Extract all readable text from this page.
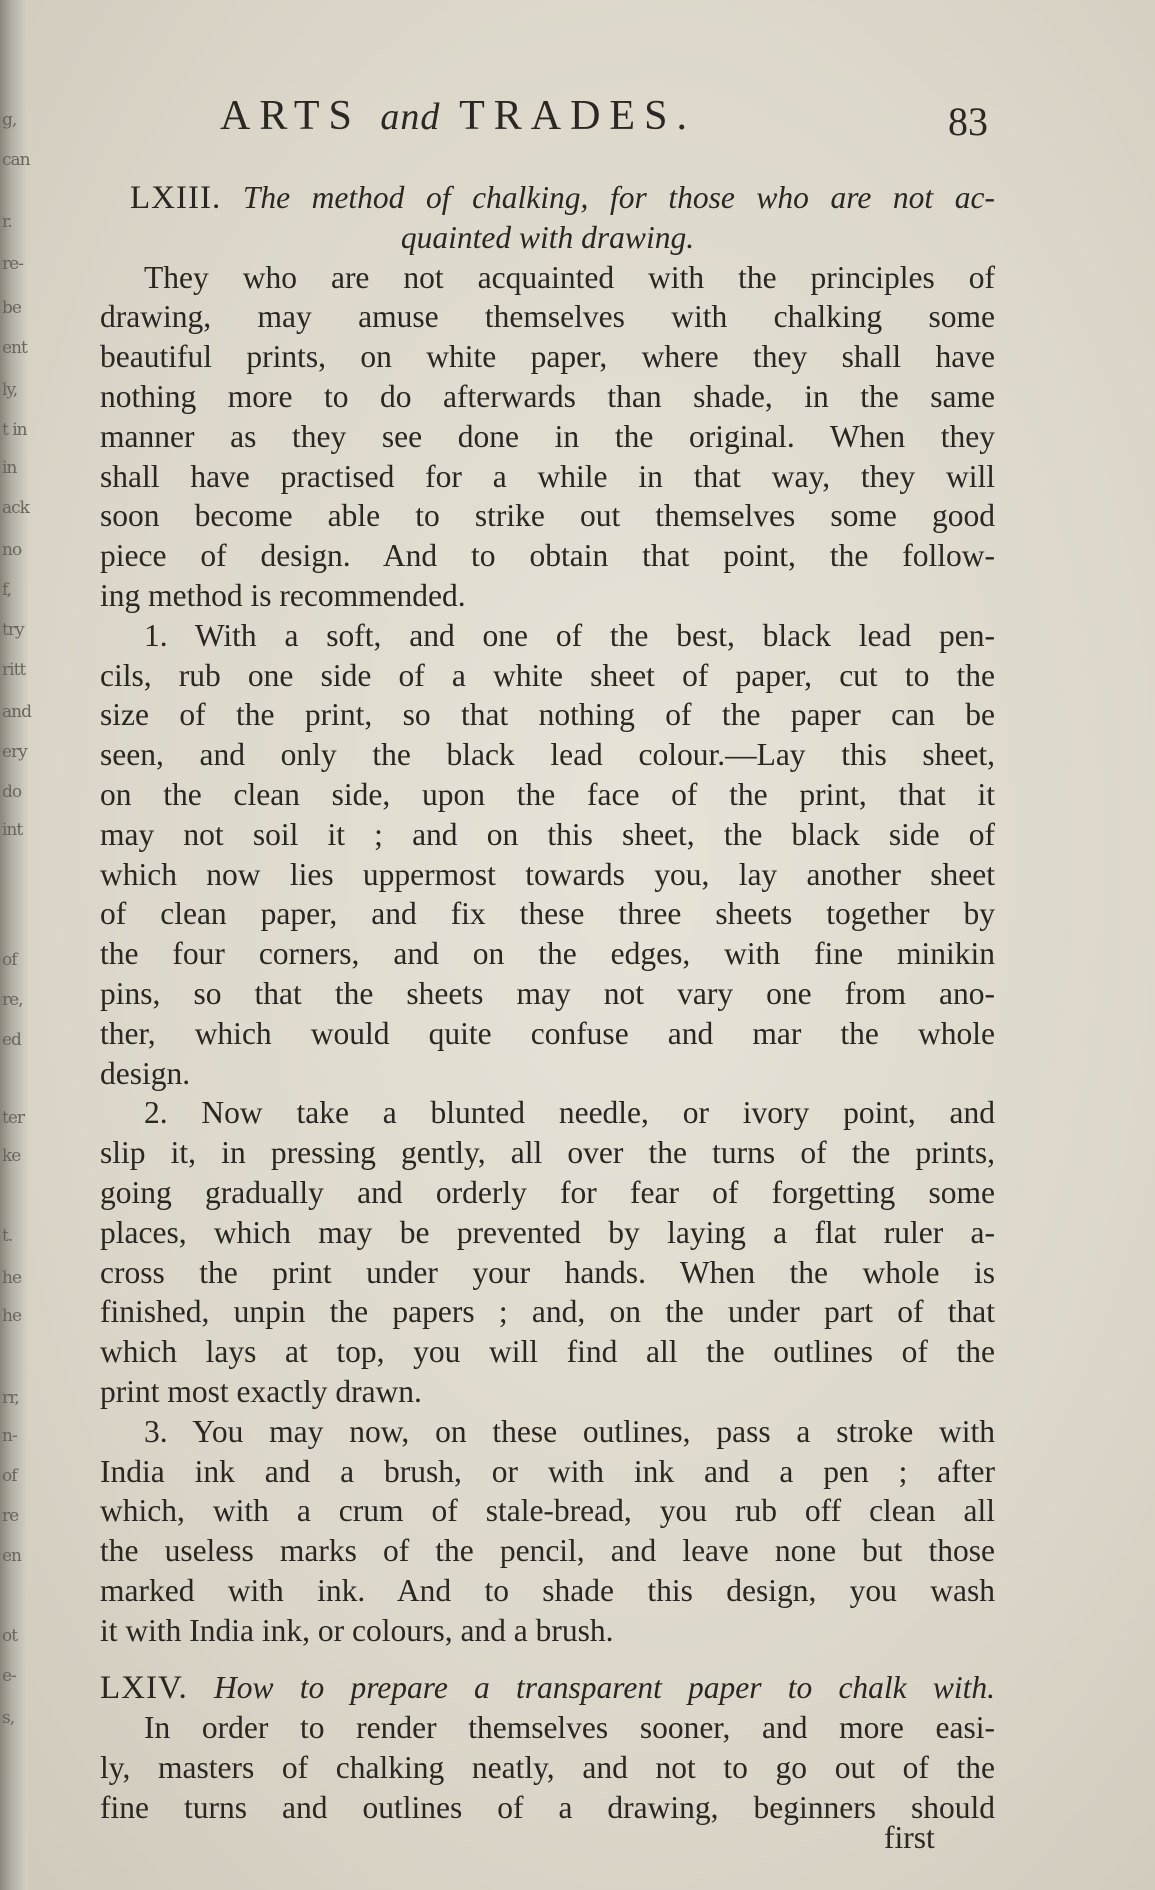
g,
can
r.
re-
be
ent
ly,
t in
in
ack
no
f,
try
ritt
and
ery
do
int
of
re,
ed
ter
ke
t.
he
he
rr,
n-
of
re
en
ot
e-
s,
ARTS and TRADES.	83
LXIII. The method of chalking, for those who are not ac-
quainted with drawing.
They who are not acquainted with the principles of
drawing, may amuse themselves with chalking some
beautiful prints, on white paper, where they shall have
nothing more to do afterwards than shade, in the same
manner as they see done in the original. When they
shall have practised for a while in that way, they will
soon become able to strike out themselves some good
piece of design. And to obtain that point, the follow-
ing method is recommended.
1. With a soft, and one of the best, black lead pen-
cils, rub one side of a white sheet of paper, cut to the
size of the print, so that nothing of the paper can be
seen, and only the black lead colour.—Lay this sheet,
on the clean side, upon the face of the print, that it
may not soil it ; and on this sheet, the black side of
which now lies uppermost towards you, lay another sheet
of clean paper, and fix these three sheets together by
the four corners, and on the edges, with fine minikin
pins, so that the sheets may not vary one from ano-
ther, which would quite confuse and mar the whole
design.
2. Now take a blunted needle, or ivory point, and
slip it, in pressing gently, all over the turns of the prints,
going gradually and orderly for fear of forgetting some
places, which may be prevented by laying a flat ruler a-
cross the print under your hands. When the whole is
finished, unpin the papers ; and, on the under part of that
which lays at top, you will find all the outlines of the
print most exactly drawn.
3. You may now, on these outlines, pass a stroke with
India ink and a brush, or with ink and a pen ; after
which, with a crum of stale-bread, you rub off clean all
the useless marks of the pencil, and leave none but those
marked with ink. And to shade this design, you wash
it with India ink, or colours, and a brush.
LXIV. How to prepare a transparent paper to chalk with.
In order to render themselves sooner, and more easi-
ly, masters of chalking neatly, and not to go out of the
fine turns and outlines of a drawing, beginners should
first
